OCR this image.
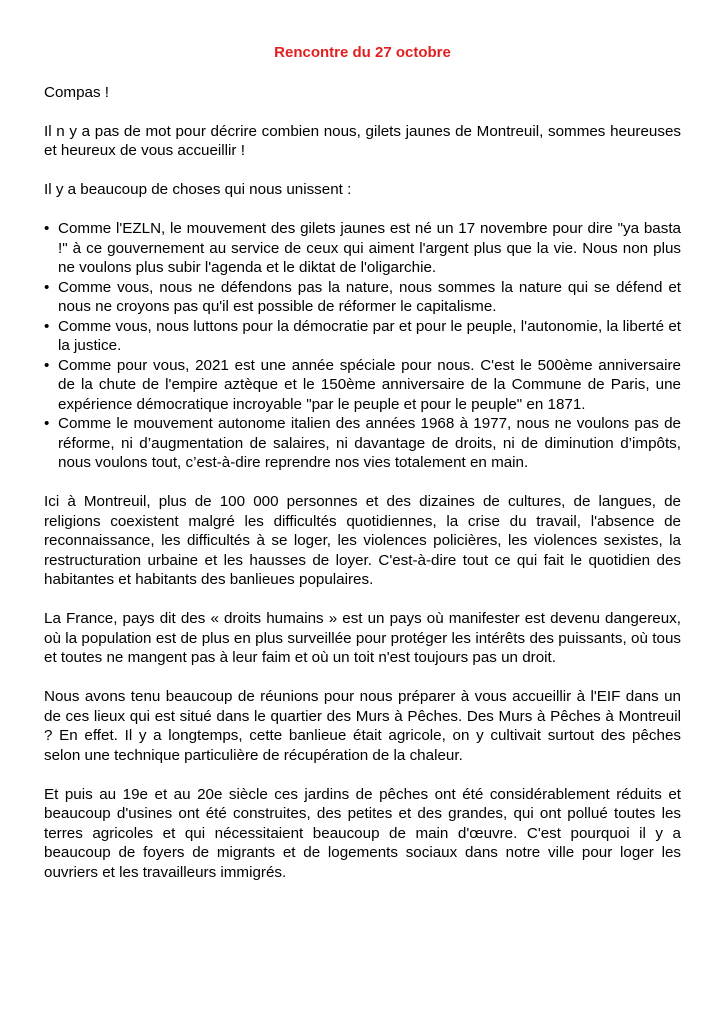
Rencontre du 27 octobre

Compas !

Il n y a pas de mot pour décrire combien nous, gilets jaunes de Montreuil, sommes heureuses et heureux de vous accueillir !

Il y a beaucoup de choses qui nous unissent :

• Comme l'EZLN, le mouvement des gilets jaunes est né un 17 novembre pour dire "ya basta !" à ce gouvernement au service de ceux qui aiment l'argent plus que la vie. Nous non plus ne voulons plus subir l'agenda et le diktat de l'oligarchie.
• Comme vous, nous ne défendons pas la nature, nous sommes la nature qui se défend et nous ne croyons pas qu'il est possible de réformer le capitalisme.
• Comme vous, nous luttons pour la démocratie par et pour le peuple, l'autonomie, la liberté et la justice.
• Comme pour vous, 2021 est une année spéciale pour nous. C'est le 500ème anniversaire de la chute de l'empire aztèque et le 150ème anniversaire de la Commune de Paris, une expérience démocratique incroyable "par le peuple et pour le peuple" en 1871.
• Comme le mouvement autonome italien des années 1968 à 1977, nous ne voulons pas de réforme, ni d’augmentation de salaires, ni davantage de droits, ni de diminution d’impôts, nous voulons tout, c’est-à-dire reprendre nos vies totalement en main.

Ici à Montreuil, plus de 100 000 personnes et des dizaines de cultures, de langues, de religions coexistent malgré les difficultés quotidiennes, la crise du travail, l'absence de reconnaissance, les difficultés à se loger, les violences policières, les violences sexistes, la restructuration urbaine et les hausses de loyer. C'est-à-dire tout ce qui fait le quotidien des habitantes et habitants des banlieues populaires.

La France, pays dit des « droits humains » est un pays où manifester est devenu dangereux, où la population est de plus en plus surveillée pour protéger les intérêts des puissants, où tous et toutes ne mangent pas à leur faim et où un toit n'est toujours pas un droit.

Nous avons tenu beaucoup de réunions pour nous préparer à vous accueillir à l'EIF dans un de ces lieux qui est situé dans le quartier des Murs à Pêches. Des Murs à Pêches à Montreuil ? En effet. Il y a longtemps, cette banlieue était agricole, on y cultivait surtout des pêches selon une technique particulière de récupération de la chaleur.

Et puis au 19e et au 20e siècle ces jardins de pêches ont été considérablement réduits et beaucoup d'usines ont été construites, des petites et des grandes, qui ont pollué toutes les terres agricoles et qui nécessitaient beaucoup de main d'œuvre. C'est pourquoi il y a beaucoup de foyers de migrants et de logements sociaux dans notre ville pour loger les ouvriers et les travailleurs immigrés.
